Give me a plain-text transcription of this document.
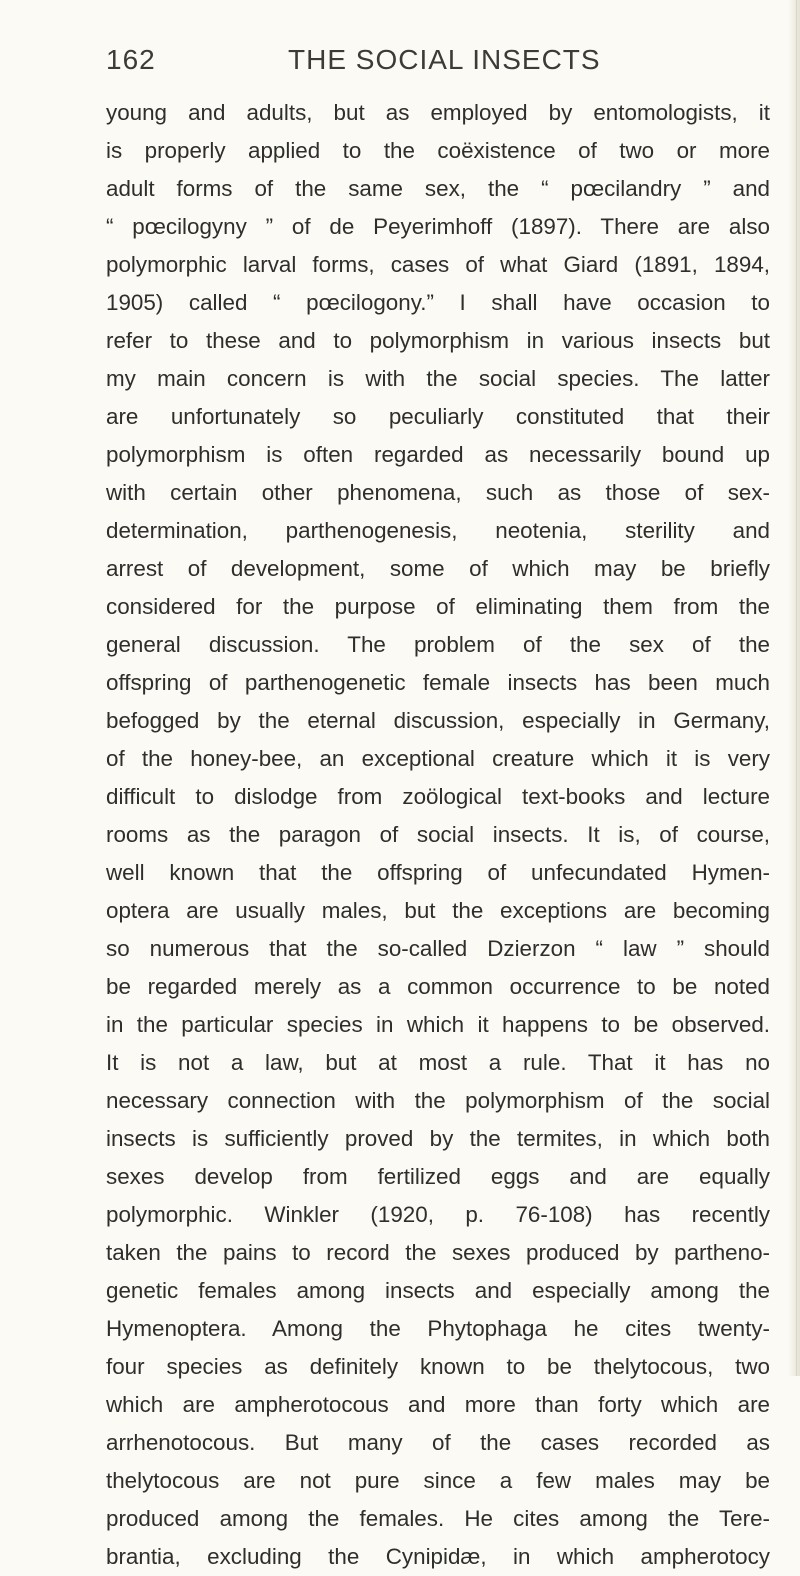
162	THE SOCIAL INSECTS
young and adults, but as employed by entomologists, it
is properly applied to the coëxistence of two or more
adult forms of the same sex, the “ pœcilandry ” and
“ pœcilogyny ” of de Peyerimhoff (1897). There are also
polymorphic larval forms, cases of what Giard (1891, 1894,
1905) called “ pœcilogony.” I shall have occasion to
refer to these and to polymorphism in various insects but
my main concern is with the social species. The latter
are unfortunately so peculiarly constituted that their
polymorphism is often regarded as necessarily bound up
with certain other phenomena, such as those of sex-
determination, parthenogenesis, neotenia, sterility and
arrest of development, some of which may be briefly
considered for the purpose of eliminating them from the
general discussion. The problem of the sex of the
offspring of parthenogenetic female insects has been much
befogged by the eternal discussion, especially in Germany,
of the honey-bee, an exceptional creature which it is very
difficult to dislodge from zoölogical text-books and lecture
rooms as the paragon of social insects. It is, of course,
well known that the offspring of unfecundated Hymen-
optera are usually males, but the exceptions are becoming
so numerous that the so-called Dzierzon “ law ” should
be regarded merely as a common occurrence to be noted
in the particular species in which it happens to be observed.
It is not a law, but at most a rule. That it has no
necessary connection with the polymorphism of the social
insects is sufficiently proved by the termites, in which both
sexes develop from fertilized eggs and are equally
polymorphic. Winkler (1920, p. 76-108) has recently
taken the pains to record the sexes produced by partheno-
genetic females among insects and especially among the
Hymenoptera. Among the Phytophaga he cites twenty-
four species as definitely known to be thelytocous, two
which are ampherotocous and more than forty which are
arrhenotocous. But many of the cases recorded as
thelytocous are not pure since a few males may be
produced among the females. He cites among the Tere-
brantia, excluding the Cynipidæ, in which ampherotocy
